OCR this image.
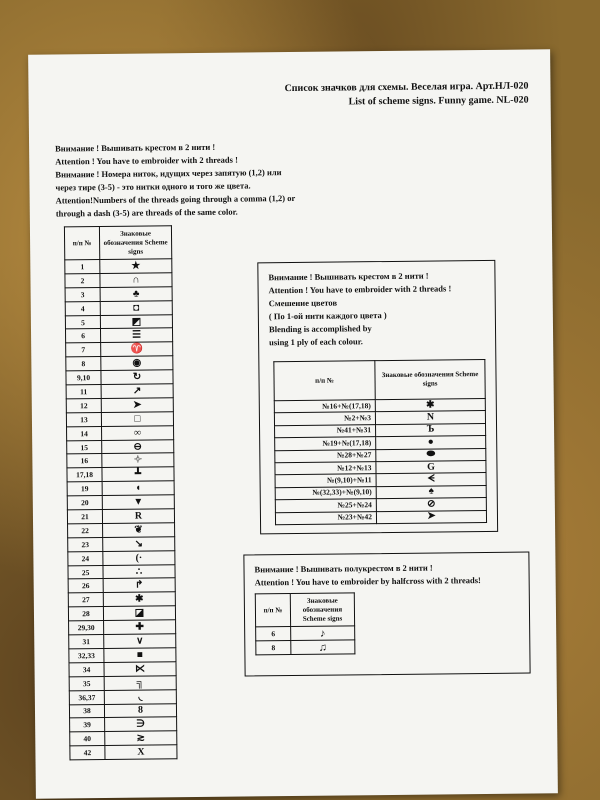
Список значков для схемы. Веселая игра. Арт.НЛ-020
List of scheme signs. Funny game. NL-020
Внимание ! Вышивать крестом в 2 нити !
Attention ! You have to embroider with 2 threads !
Внимание ! Номера ниток, идущих через запятую (1,2) или
через тире (3-5) - это нитки одного и того же цвета.
Attention!Numbers of the threads going through a comma (1,2) or
through a dash (3-5) are threads of the same color.
п/п №	Знаковые обозначения Scheme signs
1	★
2	∩
3	♣
4	◘
5	◩
6	☰
7	♈
8	◉
9,10	↻
11	↗
12	➤
13	□
14	∞
15	⊖
16	✧
17,18	┻
19	◖
20	▼
21	R
22	❦
23	↘
24	(·
25	∴
26	↱
27	✱
28	◪
29,30	✚
31	∨
32,33	■
34	⋉
35	╗
36,37	◟
38	8
39	∋
40	≳
42	X
Внимание ! Вышивать крестом в 2 нити !
Attention ! You have to embroider with 2 threads !
Смешение цветов
( По 1-ой нити каждого цвета )
Blending is accomplished by
using 1 ply of each colour.
п/п №	Знаковые обозначения Scheme signs
№16+№(17,18)	✱
№2+№3	N
№41+№31	Ъ
№19+№(17,18)	●
№28+№27	⬬
№12+№13	G
№(9,10)+№11	ᗕ
№(32,33)+№(9,10)	♠
№25+№24	⊘
№23+№42	➤
Внимание ! Вышивать полукрестом в 2 нити !
Attention ! You have to embroider by halfcross with 2 threads!
п/п №	Знаковые обозначения Scheme signs
6	♪
8	♫
